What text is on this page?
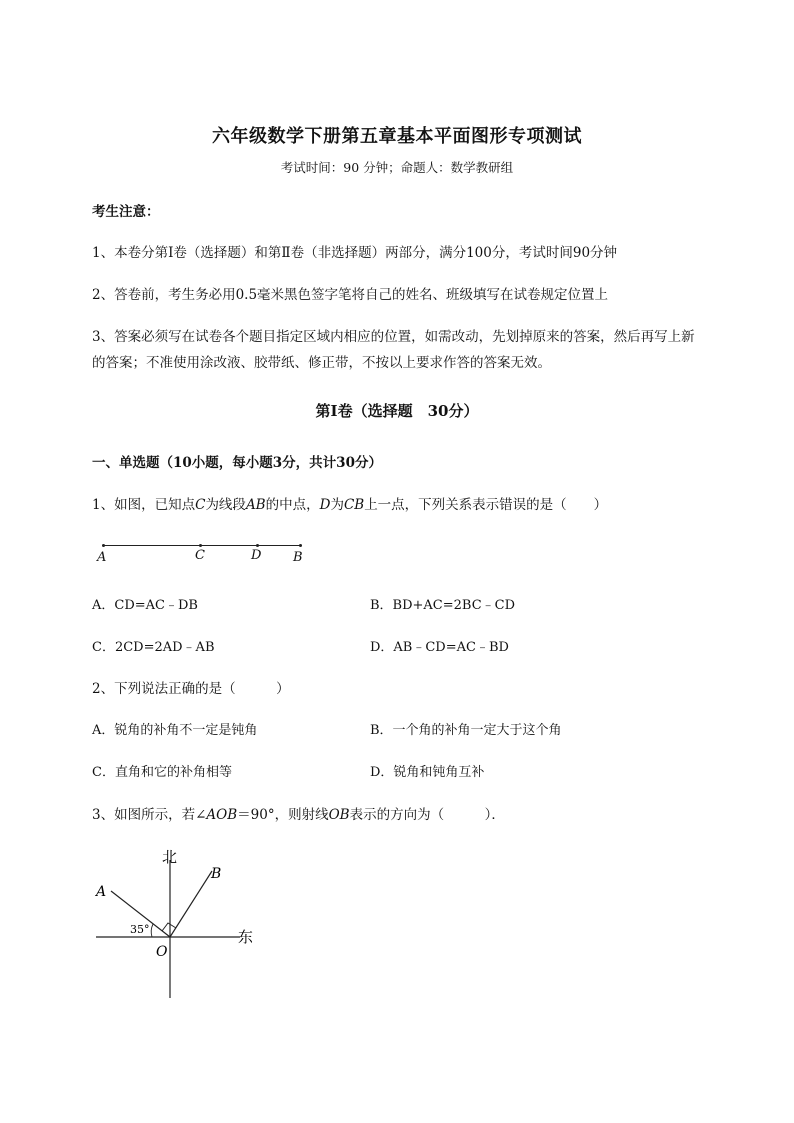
六年级数学下册第五章基本平面图形专项测试
考试时间：90 分钟；命题人：数学教研组
考生注意：
1、本卷分第Ⅰ卷（选择题）和第Ⅱ卷（非选择题）两部分，满分100分，考试时间90分钟
2、答卷前，考生务必用0.5毫米黑色签字笔将自己的姓名、班级填写在试卷规定位置上
3、答案必须写在试卷各个题目指定区域内相应的位置，如需改动，先划掉原来的答案，然后再写上新
的答案；不准使用涂改液、胶带纸、修正带，不按以上要求作答的答案无效。
第Ⅰ卷（选择题　30分）
一、单选题（10小题，每小题3分，共计30分）
1、如图，已知点C为线段AB的中点，D为CB上一点，下列关系表示错误的是（　　）
A	C	D B
A．CD=AC﹣DB	B．BD+AC=2BC﹣CD
C．2CD=2AD﹣AB	D．AB﹣CD=AC﹣BD
2、下列说法正确的是（　　　）
A．锐角的补角不一定是钝角	B．一个角的补角一定大于这个角
C．直角和它的补角相等	D．锐角和钝角互补
3、如图所示，若∠AOB＝90°，则射线OB表示的方向为（　　　）．
北
东
A
B
O
35°
